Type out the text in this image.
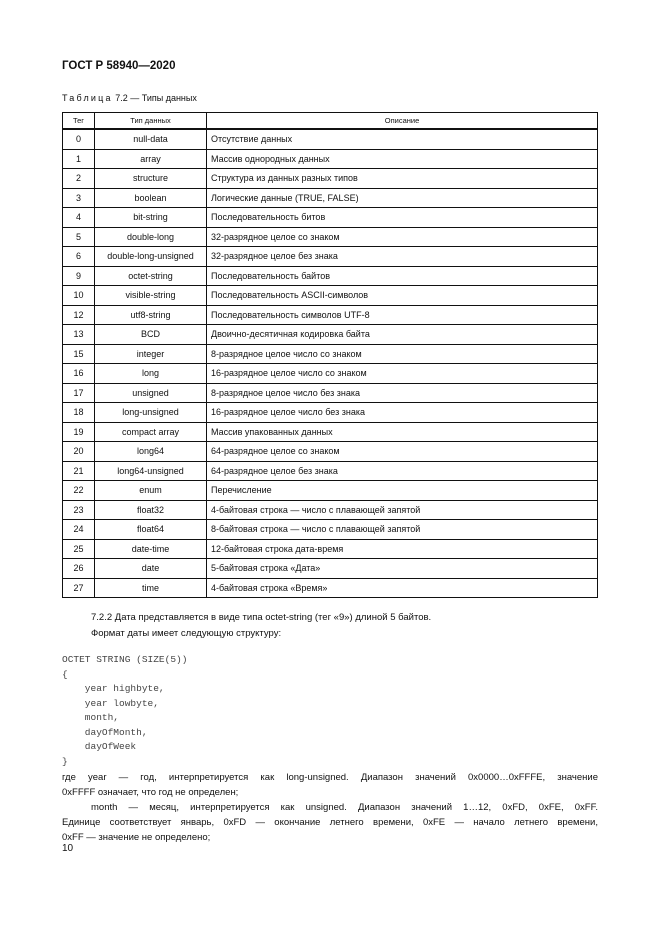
ГОСТ Р 58940—2020
Таблица 7.2 — Типы данных
Тег	Тип данных	Описание
0	null-data	Отсутствие данных
1	array	Массив однородных данных
2	structure	Структура из данных разных типов
3	boolean	Логические данные (TRUE, FALSE)
4	bit-string	Последовательность битов
5	double-long	32-разрядное целое со знаком
6	double-long-unsigned	32-разрядное целое без знака
9	octet-string	Последовательность байтов
10	visible-string	Последовательность ASCII-символов
12	utf8-string	Последовательность символов UTF-8
13	BCD	Двоично-десятичная кодировка байта
15	integer	8-разрядное целое число со знаком
16	long	16-разрядное целое число со знаком
17	unsigned	8-разрядное целое число без знака
18	long-unsigned	16-разрядное целое число без знака
19	compact array	Массив упакованных данных
20	long64	64-разрядное целое со знаком
21	long64-unsigned	64-разрядное целое без знака
22	enum	Перечисление
23	float32	4-байтовая строка — число с плавающей запятой
24	float64	8-байтовая строка — число с плавающей запятой
25	date-time	12-байтовая строка дата-время
26	date	5-байтовая строка «Дата»
27	time	4-байтовая строка «Время»
7.2.2 Дата представляется в виде типа octet-string (тег «9») длиной 5 байтов.
Формат даты имеет следующую структуру:
OCTET STRING (SIZE(5))
{
year highbyte,
year lowbyte,
month,
dayOfMonth,
dayOfWeek
}
где year — год, интерпретируется как long-unsigned. Диапазон значений 0x0000…0xFFFE, значение
0xFFFF означает, что год не определен;
month — месяц, интерпретируется как unsigned. Диапазон значений 1…12, 0xFD, 0xFE, 0xFF.
Единице соответствует январь, 0xFD — окончание летнего времени, 0xFE — начало летнего времени,
0xFF — значение не определено;
10
